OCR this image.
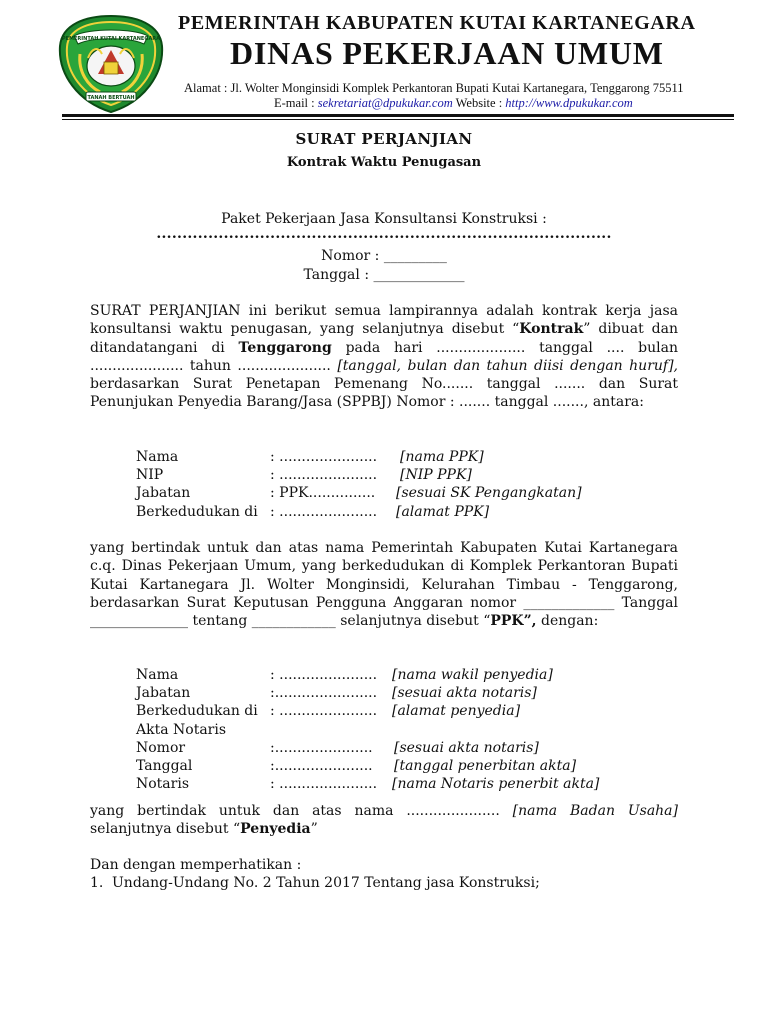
PEMERINTAH KUTAI KARTANEGARA
TANAH BERTUAH
PEMERINTAH KABUPATEN KUTAI KARTANEGARA
DINAS PEKERJAAN UMUM
Alamat : Jl. Wolter Monginsidi Komplek Perkantoran Bupati Kutai Kartanegara, Tenggarong 75511
E-mail : sekretariat@dpukukar.com Website : http://www.dpukukar.com
SURAT PERJANJIAN
Kontrak Waktu Penugasan
Paket Pekerjaan Jasa Konsultansi Konstruksi :
........................................................................................
Nomor : _________
Tanggal : _____________
SURAT PERJANJIAN ini berikut semua lampirannya adalah kontrak kerja jasa konsultansi waktu penugasan, yang selanjutnya disebut “Kontrak” dibuat dan ditandatangani di Tenggarong pada hari .................... tanggal .... bulan ..................... tahun ..................... [tanggal, bulan dan tahun diisi dengan huruf], berdasarkan Surat Penetapan Pemenang No....... tanggal ....... dan Surat Penunjukan Penyedia Barang/Jasa (SPPBJ) Nomor : ....... tanggal ......., antara:
Nama	: ...................... [nama PPK]
NIP	: ...................... [NIP PPK]
Jabatan	: PPK............... [sesuai SK Pengangkatan]
Berkedudukan di : ...................... [alamat PPK]
yang bertindak untuk dan atas nama Pemerintah Kabupaten Kutai Kartanegara c.q. Dinas Pekerjaan Umum, yang berkedudukan di Komplek Perkantoran Bupati Kutai Kartanegara Jl. Wolter Monginsidi, Kelurahan Timbau - Tenggarong, berdasarkan Surat Keputusan Pengguna Anggaran nomor _____________ Tanggal ______________ tentang ____________ selanjutnya disebut “PPK”, dengan:
Nama	: ...................... [nama wakil penyedia]
Jabatan	:....................... [sesuai akta notaris]
Berkedudukan di : ...................... [alamat penyedia]
Akta Notaris
Nomor	:...................... [sesuai akta notaris]
Tanggal	:...................... [tanggal penerbitan akta]
Notaris	: ...................... [nama Notaris penerbit akta]
yang bertindak untuk dan atas nama ..................... [nama Badan Usaha] selanjutnya disebut “Penyedia”
Dan dengan memperhatikan :
1. Undang-Undang No. 2 Tahun 2017 Tentang jasa Konstruksi;
